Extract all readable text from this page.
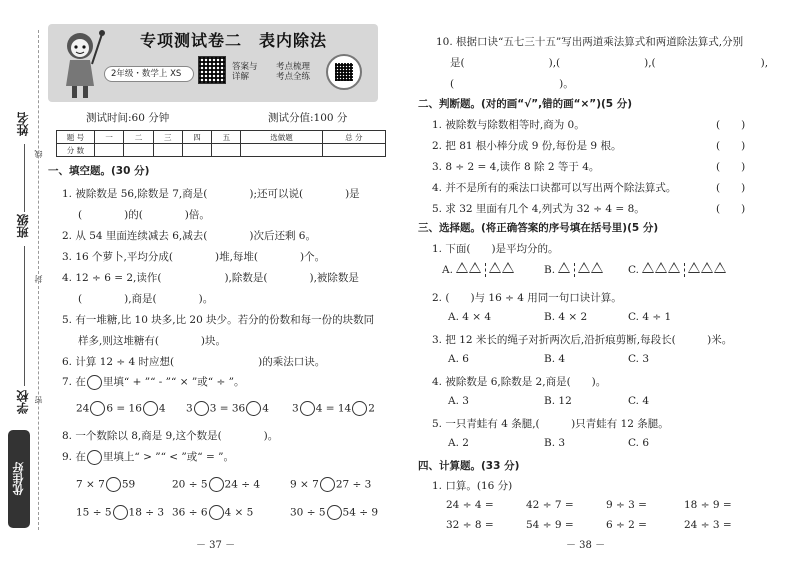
姓名
线
班级
封
学校 密
优佳好
专项测试卷二　表内除法
2年级・数学上 XS
答案与
详解
考点梳理
考点全练
测试时间:60 分钟	测试分值:100 分
题 号	一	二	三	四	五	选做题	总 分
分 数							
一、填空题。(30 分)
1. 被除数是 56,除数是 7,商是(　　　　);还可以说(　　　　)是
(　　　　)的(　　　　)倍。
2. 从 54 里面连续减去 6,减去(　　　　)次后还剩 6。
3. 16 个萝卜,平均分成(　　　　)堆,每堆(　　　　)个。
4. 12 ÷ 6 = 2,读作(　　　　　　),除数是(　　　　),被除数是
(　　　　),商是(　　　　)。
5. 有一堆糖,比 10 块多,比 20 块少。若分的份数和每一份的块数同
样多,则这堆糖有(　　　　)块。
6. 计算 12 ÷ 4 时应想(　　　　　　　　)的乘法口诀。
7. 在 里填“ + ”“ - ”“ × ”或“ ÷ ”。
24 6 = 16 4 3 3 = 36 4 3 4 = 14 2
8. 一个数除以 8,商是 9,这个数是(　　　　)。
9. 在 里填上“ > ”“ < ”或“ = ”。
7 × 7 59	20 ÷ 5 24 ÷ 4	9 × 7 27 ÷ 3
15 ÷ 5 18 ÷ 3 36 ÷ 6 4 × 5	30 ÷ 5 54 ÷ 9
－ 37 －
10. 根据口诀“五七三十五”写出两道乘法算式和两道除法算式,分别
是(　　　　　　　　),(　　　　　　　　),(　　　　　　　　　　),
(　　　　　　　　　　)。
二、判断题。(对的画“√”,错的画“×”)(5 分)
1. 被除数与除数相等时,商为 0。	(　　)
2. 把 81 根小棒分成 9 份,每份是 9 根。	(　　)
3. 8 ÷ 2 = 4,读作 8 除 2 等于 4。	(　　)
4. 并不是所有的乘法口诀都可以写出两个除法算式。	(　　)
5. 求 32 里面有几个 4,列式为 32 ÷ 4 = 8。	(　　)
三、选择题。(将正确答案的序号填在括号里)(5 分)
1. 下面(　　)是平均分的。
A.	B.	C.
2. (　　)与 16 ÷ 4 用同一句口诀计算。
A. 4 × 4	B. 4 × 2	C. 4 ÷ 1
3. 把 12 米长的绳子对折两次后,沿折痕剪断,每段长(　　　)米。
A. 6	B. 4	C. 3
4. 被除数是 6,除数是 2,商是(　　)。
A. 3	B. 12	C. 4
5. 一只青蛙有 4 条腿,(　　　)只青蛙有 12 条腿。
A. 2	B. 3	C. 6
四、计算题。(33 分)
1. 口算。(16 分)
24 ÷ 4 =	42 ÷ 7 =	9 ÷ 3 =	18 ÷ 9 =
32 ÷ 8 =	54 ÷ 9 =	6 ÷ 2 =	24 ÷ 3 =
－ 38 －
